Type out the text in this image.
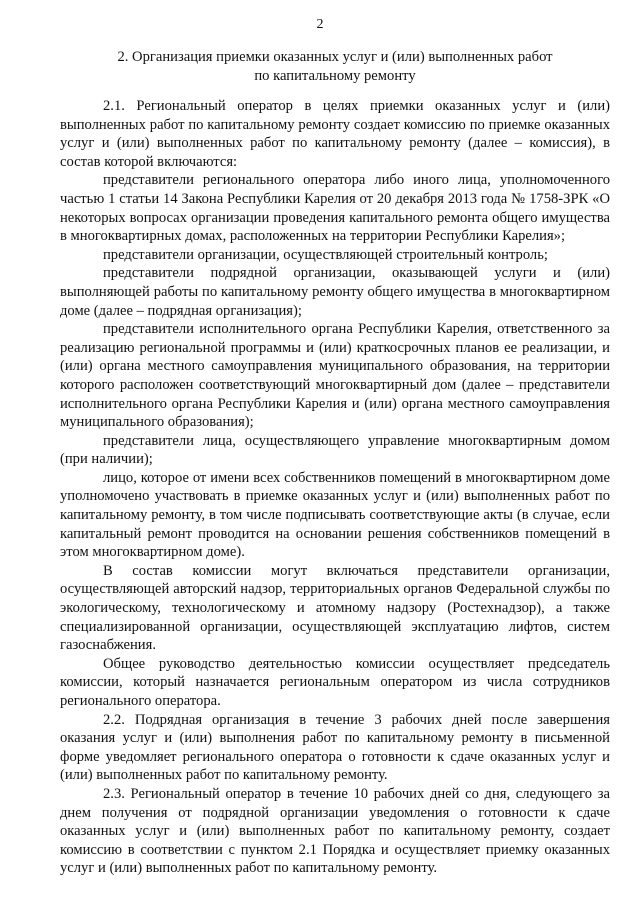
2
2. Организация приемки оказанных услуг и (или) выполненных работ
по капитальному ремонту

2.1. Региональный оператор в целях приемки оказанных услуг и (или) выполненных работ по капитальному ремонту создает комиссию по приемке оказанных услуг и (или) выполненных работ по капитальному ремонту (далее – комиссия), в состав которой включаются:

представители регионального оператора либо иного лица, уполномоченного частью 1 статьи 14 Закона Республики Карелия от 20 декабря 2013 года № 1758-ЗРК «О некоторых вопросах организации проведения капитального ремонта общего имущества в многоквартирных домах, расположенных на территории Республики Карелия»;

представители организации, осуществляющей строительный контроль;

представители подрядной организации, оказывающей услуги и (или) выполняющей работы по капитальному ремонту общего имущества в многоквартирном доме (далее – подрядная организация);

представители исполнительного органа Республики Карелия, ответственного за реализацию региональной программы и (или) краткосрочных планов ее реализации, и (или) органа местного самоуправления муниципального образования, на территории которого расположен соответствующий многоквартирный дом (далее – представители исполнительного органа Республики Карелия и (или) органа местного самоуправления муниципального образования);

представители лица, осуществляющего управление многоквартирным домом (при наличии);

лицо, которое от имени всех собственников помещений в многоквартирном доме уполномочено участвовать в приемке оказанных услуг и (или) выполненных работ по капитальному ремонту, в том числе подписывать соответствующие акты (в случае, если капитальный ремонт проводится на основании решения собственников помещений в этом многоквартирном доме).

В состав комиссии могут включаться представители организации, осуществляющей авторский надзор, территориальных органов Федеральной службы по экологическому, технологическому и атомному надзору (Ростехнадзор), а также специализированной организации, осуществляющей эксплуатацию лифтов, систем газоснабжения.

Общее руководство деятельностью комиссии осуществляет председатель комиссии, который назначается региональным оператором из числа сотрудников регионального оператора.

2.2. Подрядная организация в течение 3 рабочих дней после завершения оказания услуг и (или) выполнения работ по капитальному ремонту в письменной форме уведомляет регионального оператора о готовности к сдаче оказанных услуг и (или) выполненных работ по капитальному ремонту.

2.3. Региональный оператор в течение 10 рабочих дней со дня, следующего за днем получения от подрядной организации уведомления о готовности к сдаче оказанных услуг и (или) выполненных работ по капитальному ремонту, создает комиссию в соответствии с пунктом 2.1 Порядка и осуществляет приемку оказанных услуг и (или) выполненных работ по капитальному ремонту.
